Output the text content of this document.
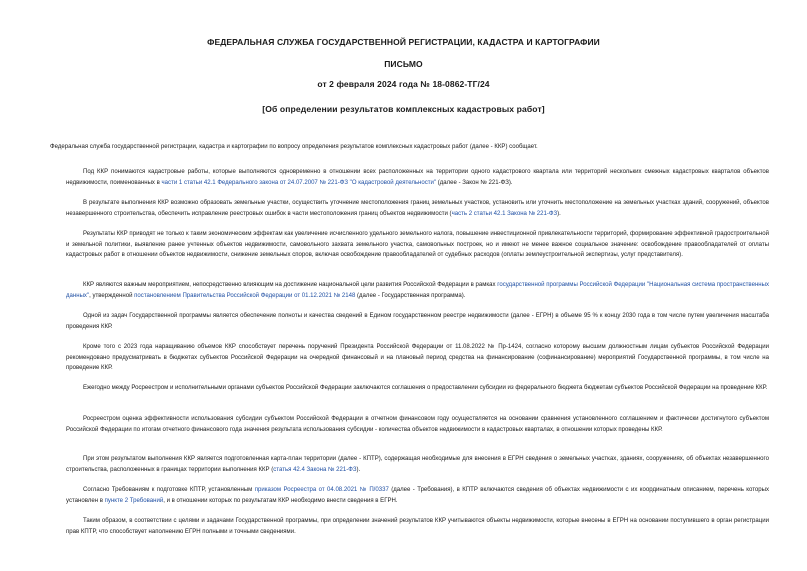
ФЕДЕРАЛЬНАЯ СЛУЖБА ГОСУДАРСТВЕННОЙ РЕГИСТРАЦИИ, КАДАСТРА И КАРТОГРАФИИ
ПИСЬМО
от 2 февраля 2024 года № 18-0862-ТГ/24
[Об определении результатов комплексных кадастровых работ]

Федеральная служба государственной регистрации, кадастра и картографии по вопросу определения результатов комплексных кадастровых работ (далее - ККР) сообщает.

Под ККР понимаются кадастровые работы, которые выполняются одновременно в отношении всех расположенных на территории одного кадастрового квартала или территорий нескольких смежных кадастровых кварталов объектов недвижимости, поименованных в части 1 статьи 42.1 Федерального закона от 24.07.2007 № 221-ФЗ "О кадастровой деятельности" (далее - Закон № 221-ФЗ).

В результате выполнения ККР возможно образовать земельные участки, осуществить уточнение местоположения границ земельных участков, установить или уточнить местоположение на земельных участках зданий, сооружений, объектов незавершенного строительства, обеспечить исправление реестровых ошибок в части местоположения границ объектов недвижимости (часть 2 статьи 42.1 Закона № 221-ФЗ).

Результаты ККР приводят не только к таким экономическим эффектам как увеличение исчисленного удельного земельного налога, повышение инвестиционной привлекательности территорий, формирование эффективной градостроительной и земельной политики, выявление ранее учтенных объектов недвижимости, самовольного захвата земельного участка, самовольных построек, но и имеют не менее важное социальное значение: освобождение правообладателей от оплаты кадастровых работ в отношении объектов недвижимости, снижение земельных споров, включая освобождение правообладателей от судебных расходов (оплаты землеустроительной экспертизы, услуг представителя).

ККР являются важным мероприятием, непосредственно влияющим на достижение национальной цели развития Российской Федерации в рамках государственной программы Российской Федерации "Национальная система пространственных данных", утвержденной постановлением Правительства Российской Федерации от 01.12.2021 № 2148 (далее - Государственная программа).

Одной из задач Государственной программы является обеспечение полноты и качества сведений в Едином государственном реестре недвижимости (далее - ЕГРН) в объеме 95 % к концу 2030 года в том числе путем увеличения масштаба проведения ККР.

Кроме того с 2023 года наращиванию объемов ККР способствует перечень поручений Президента Российской Федерации от 11.08.2022 № Пр-1424, согласно которому высшим должностным лицам субъектов Российской Федерации рекомендовано предусматривать в бюджетах субъектов Российской Федерации на очередной финансовый и на плановый период средства на финансирование (софинансирование) мероприятий Государственной программы, в том числе на проведение ККР.

Ежегодно между Росреестром и исполнительными органами субъектов Российской Федерации заключаются соглашения о предоставлении субсидии из федерального бюджета бюджетам субъектов Российской Федерации на проведение ККР.

Росреестром оценка эффективности использования субсидии субъектом Российской Федерации в отчетном финансовом году осуществляется на основании сравнения установленного соглашением и фактически достигнутого субъектом Российской Федерации по итогам отчетного финансового года значения результата использования субсидии - количества объектов недвижимости в кадастровых кварталах, в отношении которых проведены ККР.

При этом результатом выполнения ККР является подготовленная карта-план территории (далее - КПТР), содержащая необходимые для внесения в ЕГРН сведения о земельных участках, зданиях, сооружениях, об объектах незавершенного строительства, расположенных в границах территории выполнения ККР (статья 42.4 Закона № 221-ФЗ).

Согласно Требованиям к подготовке КПТР, установленным приказом Росреестра от 04.08.2021 № П/0337 (далее - Требования), в КПТР включаются сведения об объектах недвижимости с их координатным описанием, перечень которых установлен в пункте 2 Требований, и в отношении которых по результатам ККР необходимо внести сведения в ЕГРН.

Таким образом, в соответствии с целями и задачами Государственной программы, при определении значений результатов ККР учитываются объекты недвижимости, которые внесены в ЕГРН на основании поступившего в орган регистрации прав КПТР, что способствует наполнению ЕГРН полными и точными сведениями.
